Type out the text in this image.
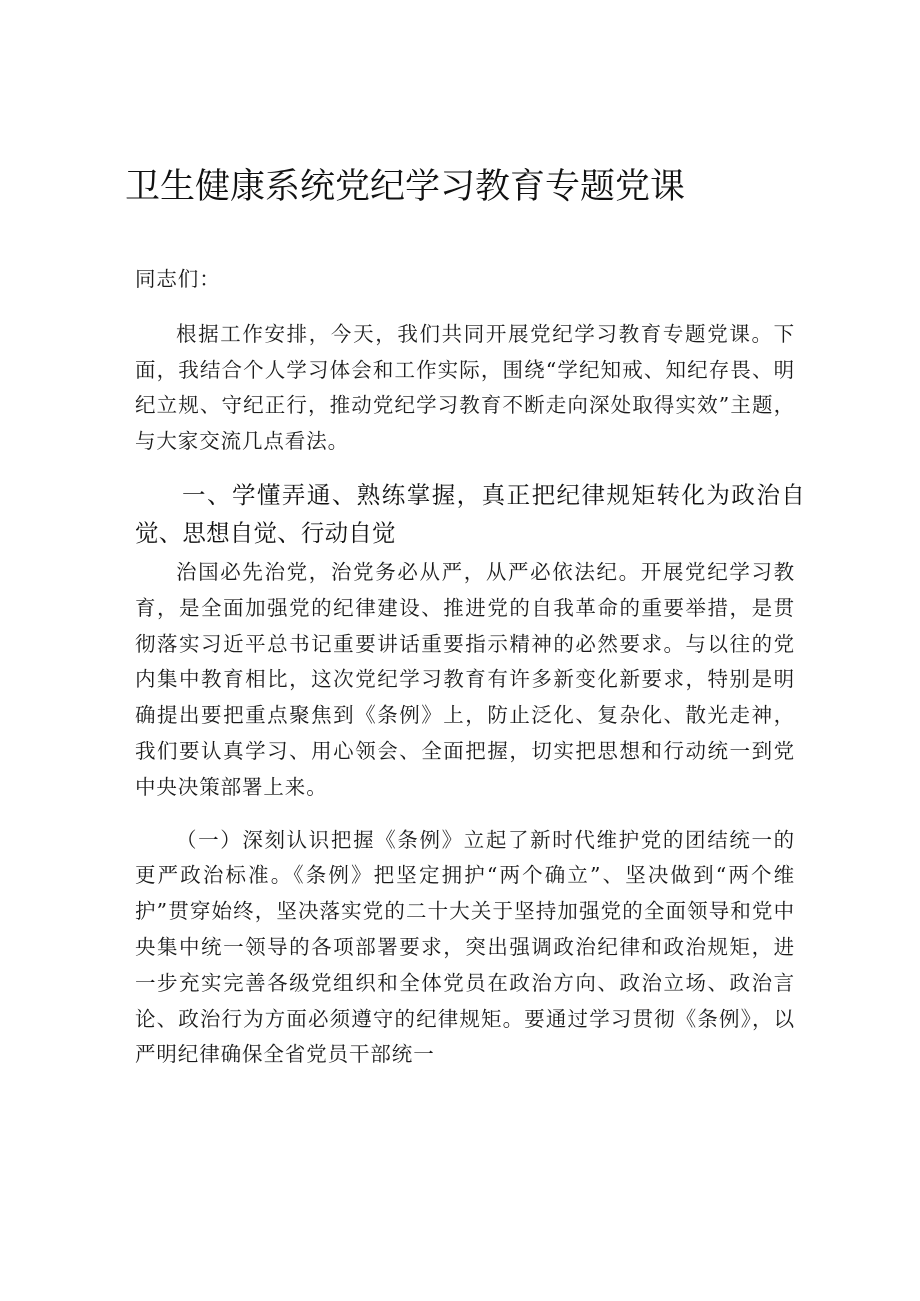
卫生健康系统党纪学习教育专题党课

同志们：

根据工作安排，今天，我们共同开展党纪学习教育专题党课。下面，我结合个人学习体会和工作实际，围绕“学纪知戒、知纪存畏、明纪立规、守纪正行，推动党纪学习教育不断走向深处取得实效”主题，与大家交流几点看法。

一、学懂弄通、熟练掌握，真正把纪律规矩转化为政治自觉、思想自觉、行动自觉

治国必先治党，治党务必从严，从严必依法纪。开展党纪学习教育，是全面加强党的纪律建设、推进党的自我革命的重要举措，是贯彻落实习近平总书记重要讲话重要指示精神的必然要求。与以往的党内集中教育相比，这次党纪学习教育有许多新变化新要求，特别是明确提出要把重点聚焦到《条例》上，防止泛化、复杂化、散光走神，我们要认真学习、用心领会、全面把握，切实把思想和行动统一到党中央决策部署上来。

（一）深刻认识把握《条例》立起了新时代维护党的团结统一的更严政治标准。《条例》把坚定拥护“两个确立”、坚决做到“两个维护”贯穿始终，坚决落实党的二十大关于坚持加强党的全面领导和党中央集中统一领导的各项部署要求，突出强调政治纪律和政治规矩，进一步充实完善各级党组织和全体党员在政治方向、政治立场、政治言论、政治行为方面必须遵守的纪律规矩。要通过学习贯彻《条例》，以严明纪律确保全省党员干部统一
